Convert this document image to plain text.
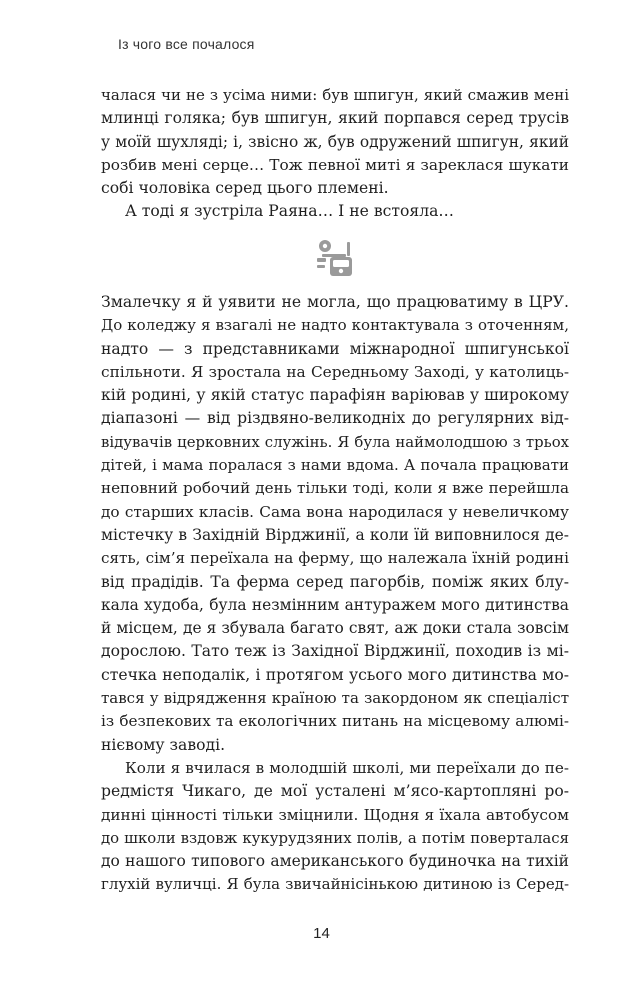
Із чого все почалося
чалася чи не з усіма ними: був шпигун, який смажив мені
млинці голяка; був шпигун, який порпався серед трусів
у моїй шухляді; і, звісно ж, був одружений шпигун, який
розбив мені серце… Тож певної миті я зареклася шукати
собі чоловіка серед цього племені.
А тоді я зустріла Раяна… І не встояла…
Змалечку я й уявити не могла, що працюватиму в ЦРУ.
До коледжу я взагалі не надто контактувала з оточенням,
надто — з представниками міжнародної шпигунської
спільноти. Я зростала на Середньому Заході, у католиць-
кій родині, у якій статус парафіян варіював у широкому
діапазоні — від різдвяно-великодніх до регулярних від-
відувачів церковних служінь. Я була наймолодшою з трьох
дітей, і мама поралася з нами вдома. А почала працювати
неповний робочий день тільки тоді, коли я вже перейшла
до старших класів. Сама вона народилася у невеличкому
містечку в Західній Вірджинії, а коли їй виповнилося де-
сять, сім’я переїхала на ферму, що належала їхній родині
від прадідів. Та ферма серед пагорбів, поміж яких блу-
кала худоба, була незмінним антуражем мого дитинства
й місцем, де я збувала багато свят, аж доки стала зовсім
дорослою. Тато теж із Західної Вірджинії, походив із мі-
стечка неподалік, і протягом усього мого дитинства мо-
тався у відрядження країною та закордоном як спеціаліст
із безпекових та екологічних питань на місцевому алюмі-
нієвому заводі.
Коли я вчилася в молодшій школі, ми переїхали до пе-
редмістя Чикаго, де мої усталені м’ясо-картопляні ро-
динні цінності тільки зміцнили. Щодня я їхала автобусом
до школи вздовж кукурудзяних полів, а потім поверталася
до нашого типового американського будиночка на тихій
глухій вуличці. Я була звичайнісінькою дитиною із Серед-
14
